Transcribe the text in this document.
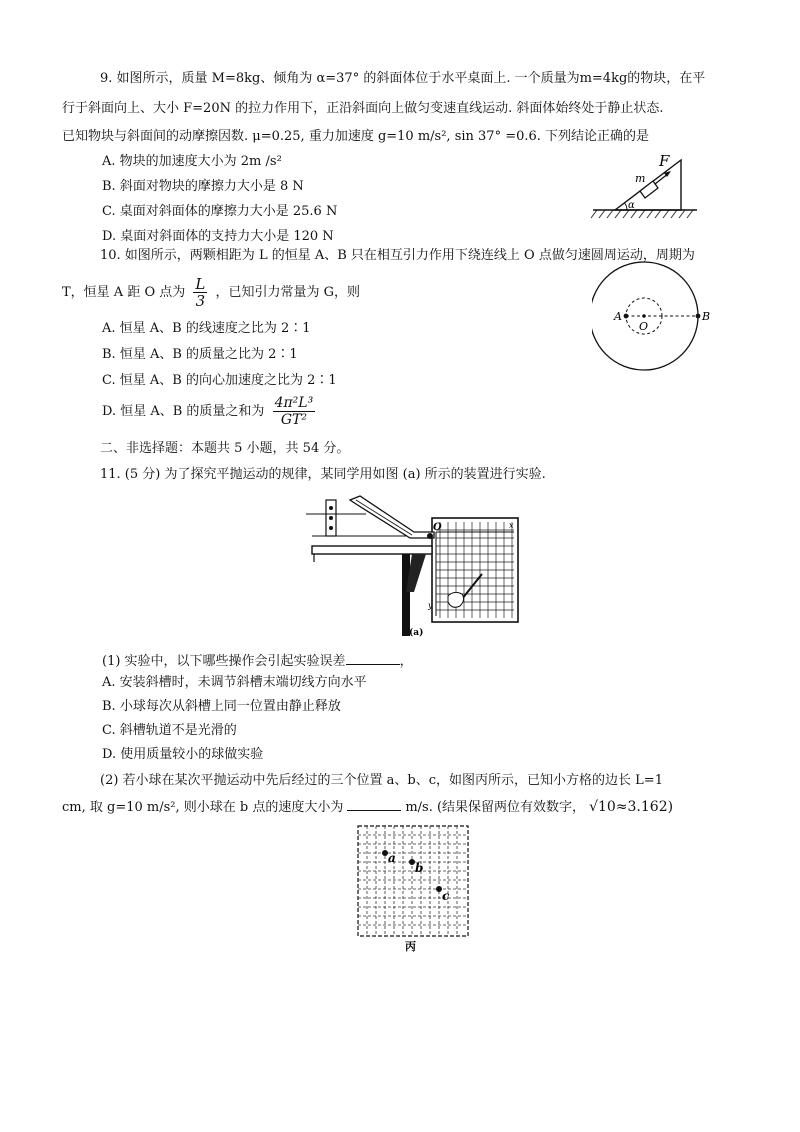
9. 如图所示，质量 M=8kg、倾角为 α=37° 的斜面体位于水平桌面上. 一个质量为m=4kg的物块，在平
行于斜面向上、大小 F=20N 的拉力作用下，正沿斜面向上做匀变速直线运动. 斜面体始终处于静止状态.
已知物块与斜面间的动摩擦因数. μ=0.25, 重力加速度 g=10 m/s², sin 37° =0.6. 下列结论正确的是
A. 物块的加速度大小为 2m /s²
B. 斜面对物块的摩擦力大小是 8 N
C. 桌面对斜面体的摩擦力大小是 25.6 N
D. 桌面对斜面体的支持力大小是 120 N
F
m
α
10. 如图所示，两颗相距为 L 的恒星 A、B 只在相互引力作用下绕连线上 O 点做匀速圆周运动，周期为
T，恒星 A 距 O 点为 $\frac{L}{3}$ ，已知引力常量为 G，则
A. 恒星 A、B 的线速度之比为 2∶1
B. 恒星 A、B 的质量之比为 2∶1
C. 恒星 A、B 的向心加速度之比为 2∶1
D. 恒星 A、B 的质量之和为 $\frac{\text{4π²L³}}{\text{GT²}}$
A
O
B
二、非选择题：本题共 5 小题，共 54 分。
11. (5 分) 为了探究平抛运动的规律，某同学用如图 (a) 所示的装置进行实验.
O	x
y
(a)
(1) 实验中，以下哪些操作会引起实验误差	，
A. 安装斜槽时，未调节斜槽末端切线方向水平
B. 小球每次从斜槽上同一位置由静止释放
C. 斜槽轨道不是光滑的
D. 使用质量较小的球做实验
(2) 若小球在某次平抛运动中先后经过的三个位置 a、b、c，如图丙所示，已知小方格的边长 L=1
cm, 取 g=10 m/s², 则小球在 b 点的速度大小为	m/s. (结果保留两位有效数字， √10≈3.162)
a
b
c
丙
